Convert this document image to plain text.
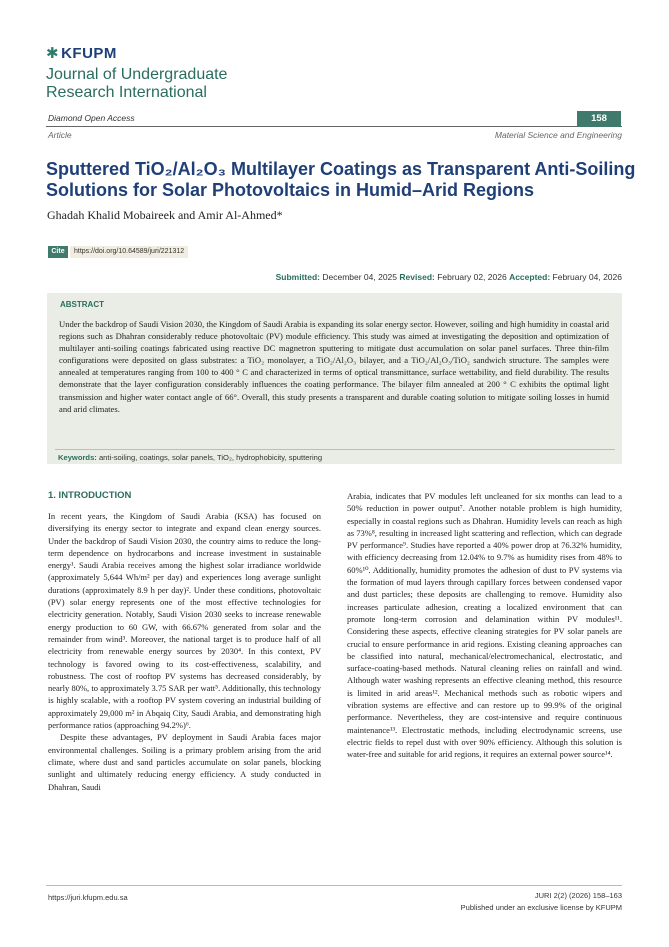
✱ KFUPM
Journal of Undergraduate
Research International
Diamond Open Access	158
Article	Material Science and Engineering
Sputtered TiO₂/Al₂O₃ Multilayer Coatings as Transparent Anti-Soiling Solutions for Solar Photovoltaics in Humid–Arid Regions
Ghadah Khalid Mobaireek and Amir Al-Ahmed*
Cite	https://doi.org/10.64589/juri/221312
Submitted: December 04, 2025 Revised: February 02, 2026 Accepted: February 04, 2026
ABSTRACT
Under the backdrop of Saudi Vision 2030, the Kingdom of Saudi Arabia is expanding its solar energy sector. However, soiling and high humidity in coastal arid regions such as Dhahran considerably reduce photovoltaic (PV) module efficiency. This study was aimed at investigating the deposition and optimization of multilayer anti-soiling coatings fabricated using reactive DC magnetron sputtering to mitigate dust accumulation on solar panel surfaces. Three thin-film configurations were deposited on glass substrates: a TiO₂ monolayer, a TiO₂/Al₂O₃ bilayer, and a TiO₂/Al₂O₃/TiO₂ sandwich structure. The samples were annealed at temperatures ranging from 100 to 400 ° C and characterized in terms of optical transmittance, surface wettability, and field durability. The results demonstrate that the layer configuration considerably influences the coating performance. The bilayer film annealed at 200 ° C exhibits the optimal light transmission and higher water contact angle of 66°. Overall, this study presents a transparent and durable coating solution to mitigate soiling losses in humid and arid climates.
Keywords: anti-soiling, coatings, solar panels, TiO₂, hydrophobicity, sputtering
1. INTRODUCTION

In recent years, the Kingdom of Saudi Arabia (KSA) has focused on diversifying its energy sector to integrate and expand clean energy sources. Under the backdrop of Saudi Vision 2030, the country aims to reduce the long-term dependence on hydrocarbons and increase investment in sustainable energy¹. Saudi Arabia receives among the highest solar irradiance worldwide (approximately 5,644 Wh/m² per day) and experiences long average sunlight durations (approximately 8.9 h per day)². Under these conditions, photovoltaic (PV) solar energy represents one of the most effective technologies for electricity generation. Notably, Saudi Vision 2030 seeks to increase renewable energy production to 60 GW, with 66.67% generated from solar and the remainder from wind³. Moreover, the national target is to produce half of all electricity from renewable energy sources by 2030⁴. In this context, PV technology is favored owing to its cost-effectiveness, scalability, and robustness. The cost of rooftop PV systems has decreased considerably, by nearly 80%, to approximately 3.75 SAR per watt⁵. Additionally, this technology is highly scalable, with a rooftop PV system covering an industrial building of approximately 29,000 m² in Abqaiq City, Saudi Arabia, and demonstrating high performance ratios (approaching 94.2%)⁶.

Despite these advantages, PV deployment in Saudi Arabia faces major environmental challenges. Soiling is a primary problem arising from the arid climate, where dust and sand particles accumulate on solar panels, blocking sunlight and ultimately reducing energy efficiency. A study conducted in Dhahran, Saudi

Arabia, indicates that PV modules left uncleaned for six months can lead to a 50% reduction in power output⁷. Another notable problem is high humidity, especially in coastal regions such as Dhahran. Humidity levels can reach as high as 73%⁸, resulting in increased light scattering and reflection, which can degrade PV performance⁹. Studies have reported a 40% power drop at 76.32% humidity, with efficiency decreasing from 12.04% to 9.7% as humidity rises from 48% to 60%¹⁰. Additionally, humidity promotes the adhesion of dust to PV systems via the formation of mud layers through capillary forces between condensed vapor and dust particles; these deposits are challenging to remove. Humidity also increases particulate adhesion, creating a localized environment that can promote long-term corrosion and delamination within PV modules¹¹. Considering these aspects, effective cleaning strategies for PV solar panels are crucial to ensure performance in arid regions. Existing cleaning approaches can be classified into natural, mechanical/electromechanical, electrostatic, and surface-coating-based methods. Natural cleaning relies on rainfall and wind. Although water washing represents an effective cleaning method, this resource is limited in arid areas¹². Mechanical methods such as robotic wipers and vibration systems are effective and can restore up to 99.9% of the original performance. Nevertheless, they are cost-intensive and require continuous maintenance¹³. Electrostatic methods, including electrodynamic screens, use electric fields to repel dust with over 90% efficiency. Although this solution is water-free and suitable for arid regions, it requires an external power source¹⁴.

https://juri.kfupm.edu.sa	JURI 2(2) (2026) 158–163
Published under an exclusive license by KFUPM
